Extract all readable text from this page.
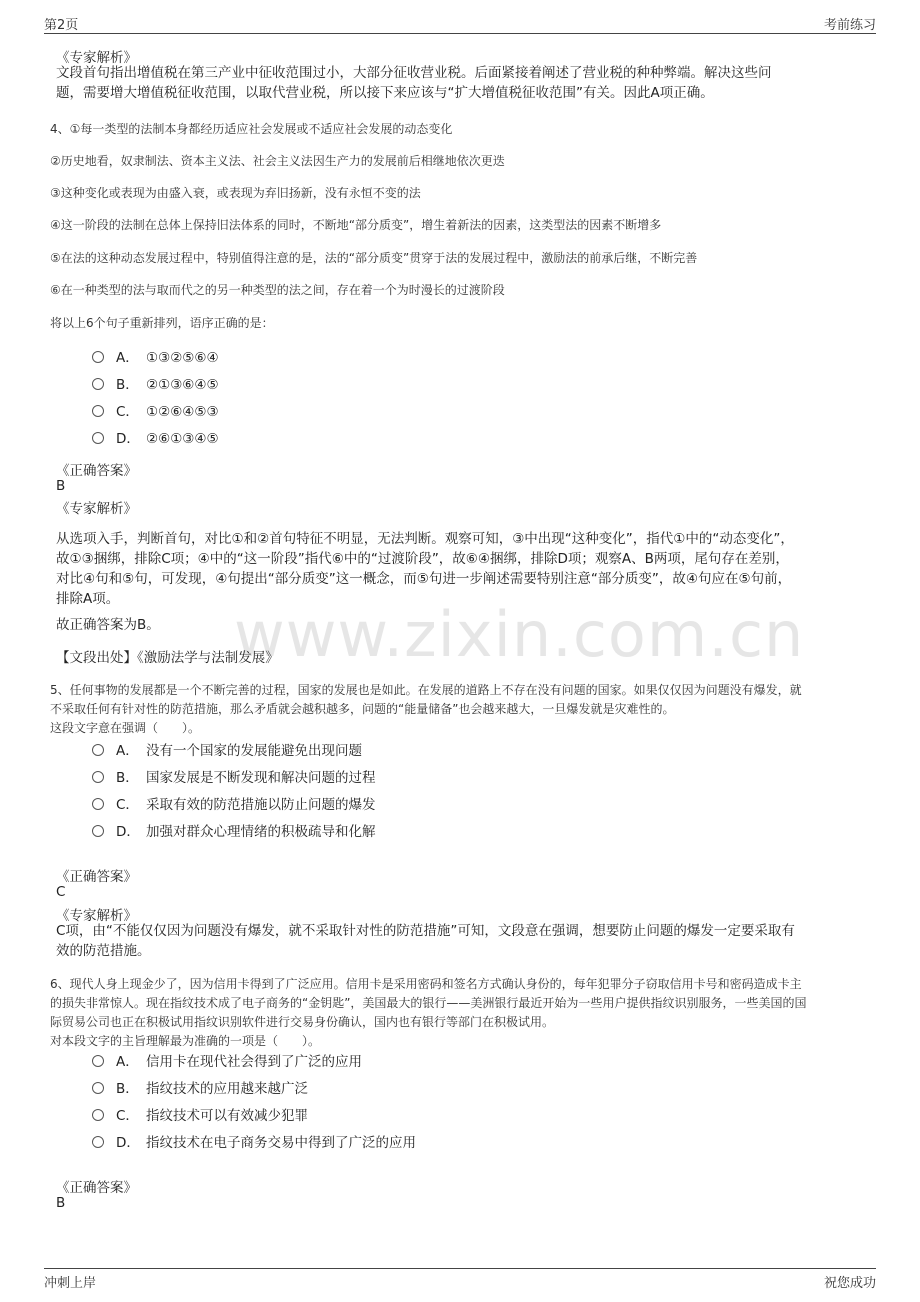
第2页	考前练习
www.zixin.com.cn
《专家解析》
文段首句指出增值税在第三产业中征收范围过小，大部分征收营业税。后面紧接着阐述了营业税的种种弊端。解决这些问
题，需要增大增值税征收范围，以取代营业税，所以接下来应该与“扩大增值税征收范围”有关。因此A项正确。
4、①每一类型的法制本身都经历适应社会发展或不适应社会发展的动态变化
②历史地看，奴隶制法、资本主义法、社会主义法因生产力的发展前后相继地依次更迭
③这种变化或表现为由盛入衰，或表现为弃旧扬新，没有永恒不变的法
④这一阶段的法制在总体上保持旧法体系的同时，不断地“部分质变”，增生着新法的因素，这类型法的因素不断增多
⑤在法的这种动态发展过程中，特别值得注意的是，法的“部分质变”贯穿于法的发展过程中，激励法的前承后继，不断完善
⑥在一种类型的法与取而代之的另一种类型的法之间，存在着一个为时漫长的过渡阶段
将以上6个句子重新排列，语序正确的是：
A． ①③②⑤⑥④
B． ②①③⑥④⑤
C． ①②⑥④⑤③
D． ②⑥①③④⑤
《正确答案》
B
《专家解析》
从选项入手，判断首句，对比①和②首句特征不明显，无法判断。观察可知，③中出现“这种变化”，指代①中的“动态变化”，
故①③捆绑，排除C项；④中的“这一阶段”指代⑥中的“过渡阶段”，故⑥④捆绑，排除D项；观察A、B两项，尾句存在差别，
对比④句和⑤句，可发现，④句提出“部分质变”这一概念，而⑤句进一步阐述需要特别注意“部分质变”，故④句应在⑤句前，
排除A项。
故正确答案为B。
【文段出处】《激励法学与法制发展》
5、任何事物的发展都是一个不断完善的过程，国家的发展也是如此。在发展的道路上不存在没有问题的国家。如果仅仅因为问题没有爆发，就
不采取任何有针对性的防范措施，那么矛盾就会越积越多，问题的“能量储备”也会越来越大，一旦爆发就是灾难性的。
这段文字意在强调（　　）。
A． 没有一个国家的发展能避免出现问题
B． 国家发展是不断发现和解决问题的过程
C． 采取有效的防范措施以防止问题的爆发
D． 加强对群众心理情绪的积极疏导和化解
《正确答案》
C
《专家解析》
C项，由“不能仅仅因为问题没有爆发，就不采取针对性的防范措施”可知，文段意在强调，想要防止问题的爆发一定要采取有
效的防范措施。
6、现代人身上现金少了，因为信用卡得到了广泛应用。信用卡是采用密码和签名方式确认身份的，每年犯罪分子窃取信用卡号和密码造成卡主
的损失非常惊人。现在指纹技术成了电子商务的“金钥匙”，美国最大的银行——美洲银行最近开始为一些用户提供指纹识别服务，一些美国的国
际贸易公司也正在积极试用指纹识别软件进行交易身份确认，国内也有银行等部门在积极试用。
对本段文字的主旨理解最为准确的一项是（　　）。
A． 信用卡在现代社会得到了广泛的应用
B． 指纹技术的应用越来越广泛
C． 指纹技术可以有效减少犯罪
D． 指纹技术在电子商务交易中得到了广泛的应用
《正确答案》
B
冲刺上岸	祝您成功
